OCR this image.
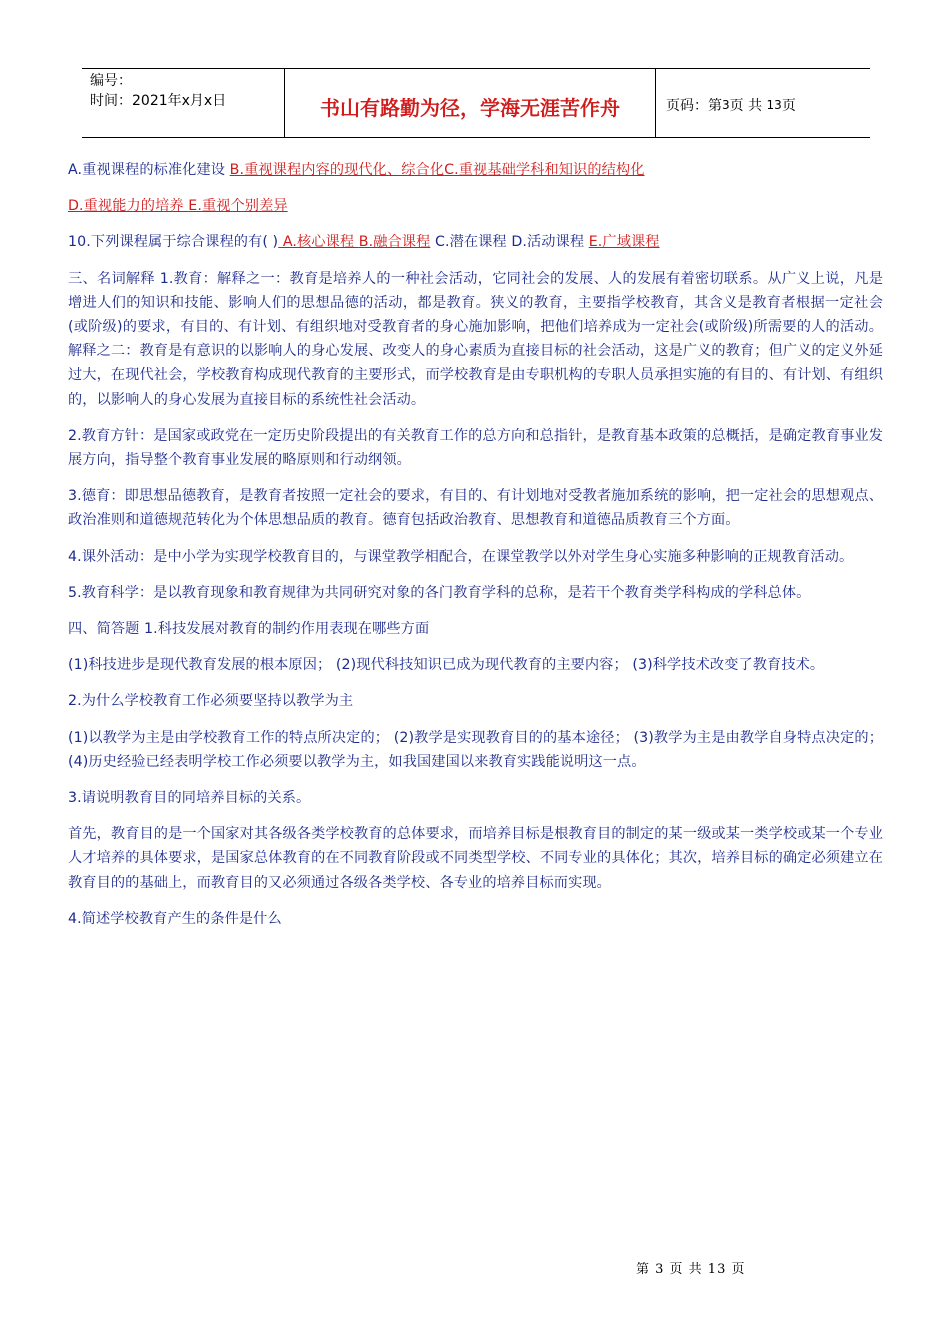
编号：
时间：2021年x月x日	书山有路勤为径，学海无涯苦作舟	页码：第 3 页 共
13 页

A.重视课程的标准化建设 B.重视课程内容的现代化、综合化C.重视基础学科和知识的结构化

D.重视能力的培养 E.重视个别差异

10.下列课程属于综合课程的有( ) A.核心课程 B.融合课程 C.潜在课程 D.活动课程 E.广域课程

三、名词解释 1.教育：解释之一：教育是培养人的一种社会活动，它同社会的发展、人的发展有着密切联系。从广义上说，凡是增进人们的知识和技能、影响人们的思想品德的活动，都是教育。狭义的教育，主要指学校教育，其含义是教育者根据一定社会(或阶级)的要求，有目的、有计划、有组织地对受教育者的身心施加影响，把他们培养成为一定社会(或阶级)所需要的人的活动。解释之二：教育是有意识的以影响人的身心发展、改变人的身心素质为直接目标的社会活动，这是广义的教育；但广义的定义外延过大，在现代社会，学校教育构成现代教育的主要形式，而学校教育是由专职机构的专职人员承担实施的有目的、有计划、有组织的，以影响人的身心发展为直接目标的系统性社会活动。

2.教育方针：是国家或政党在一定历史阶段提出的有关教育工作的总方向和总指针，是教育基本政策的总概括，是确定教育事业发展方向，指导整个教育事业发展的略原则和行动纲领。

3.德育：即思想品德教育，是教育者按照一定社会的要求，有目的、有计划地对受教者施加系统的影响，把一定社会的思想观点、政治准则和道德规范转化为个体思想品质的教育。德育包括政治教育、思想教育和道德品质教育三个方面。

4.课外活动：是中小学为实现学校教育目的，与课堂教学相配合，在课堂教学以外对学生身心实施多种影响的正规教育活动。

5.教育科学：是以教育现象和教育规律为共同研究对象的各门教育学科的总称，是若干个教育类学科构成的学科总体。

四、简答题 1.科技发展对教育的制约作用表现在哪些方面

(1)科技进步是现代教育发展的根本原因； (2)现代科技知识已成为现代教育的主要内容； (3)科学技术改变了教育技术。

2.为什么学校教育工作必须要坚持以教学为主

(1)以教学为主是由学校教育工作的特点所决定的； (2)教学是实现教育目的的基本途径； (3)教学为主是由教学自身特点决定的； (4)历史经验已经表明学校工作必须要以教学为主，如我国建国以来教育实践能说明这一点。

3.请说明教育目的同培养目标的关系。

首先，教育目的是一个国家对其各级各类学校教育的总体要求，而培养目标是根教育目的制定的某一级或某一类学校或某一个专业人才培养的具体要求，是国家总体教育的在不同教育阶段或不同类型学校、不同专业的具体化；其次，培养目标的确定必须建立在教育目的的基础上，而教育目的又必须通过各级各类学校、各专业的培养目标而实现。

4.简述学校教育产生的条件是什么

第 3 页 共 13 页
